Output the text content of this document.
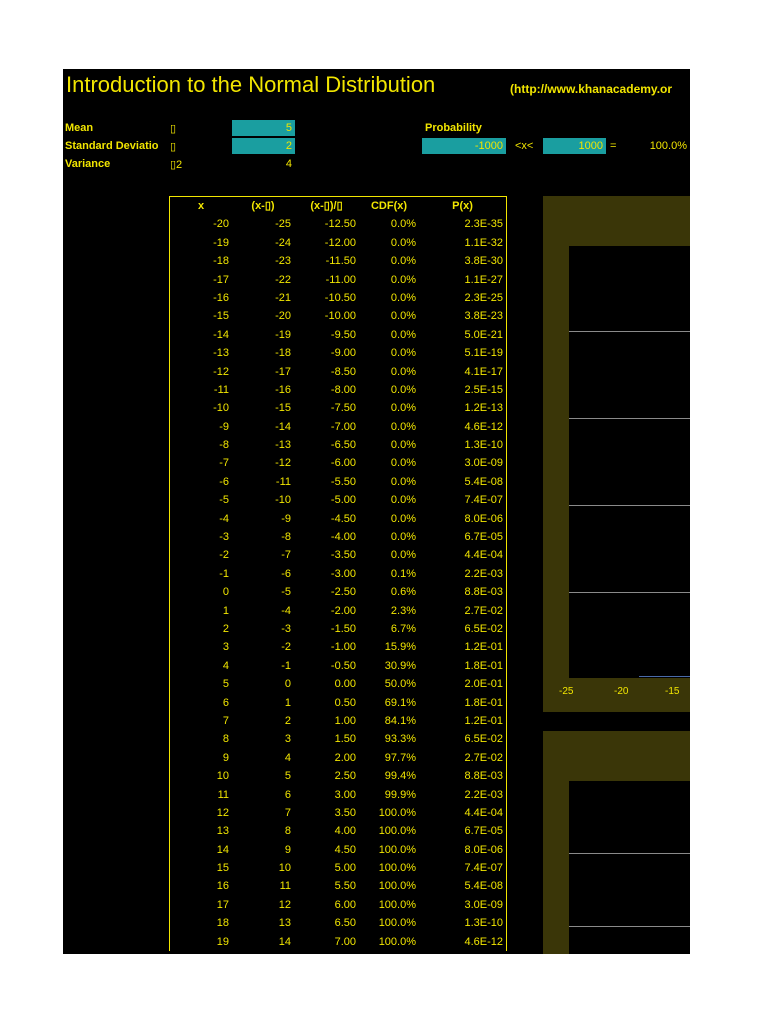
Introduction to the Normal Distribution	(http://www.khanacademy.or
Mean	▯	5
Standard Deviatio ▯	2
Variance	▯2	4
Probability
-1000 <x<	1000 =	100.0%
x	(x-▯)	(x-▯)/▯	CDF(x)	P(x)
-20	-25	-12.50	0.0%	2.3E-35
-19	-24	-12.00	0.0%	1.1E-32
-18	-23	-11.50	0.0%	3.8E-30
-17	-22	-11.00	0.0%	1.1E-27
-16	-21	-10.50	0.0%	2.3E-25
-15	-20	-10.00	0.0%	3.8E-23
-14	-19	-9.50	0.0%	5.0E-21
-13	-18	-9.00	0.0%	5.1E-19
-12	-17	-8.50	0.0%	4.1E-17
-11	-16	-8.00	0.0%	2.5E-15
-10	-15	-7.50	0.0%	1.2E-13
-9	-14	-7.00	0.0%	4.6E-12
-8	-13	-6.50	0.0%	1.3E-10
-7	-12	-6.00	0.0%	3.0E-09
-6	-11	-5.50	0.0%	5.4E-08
-5	-10	-5.00	0.0%	7.4E-07
-4	-9	-4.50	0.0%	8.0E-06
-3	-8	-4.00	0.0%	6.7E-05
-2	-7	-3.50	0.0%	4.4E-04
-1	-6	-3.00	0.1%	2.2E-03
0	-5	-2.50	0.6%	8.8E-03
1	-4	-2.00	2.3%	2.7E-02
2	-3	-1.50	6.7%	6.5E-02
3	-2	-1.00	15.9%	1.2E-01
4	-1	-0.50	30.9%	1.8E-01
5	0	0.00	50.0%	2.0E-01
6	1	0.50	69.1%	1.8E-01
7	2	1.00	84.1%	1.2E-01
8	3	1.50	93.3%	6.5E-02
9	4	2.00	97.7%	2.7E-02
10	5	2.50	99.4%	8.8E-03
11	6	3.00	99.9%	2.2E-03
12	7	3.50	100.0%	4.4E-04
13	8	4.00	100.0%	6.7E-05
14	9	4.50	100.0%	8.0E-06
15	10	5.00	100.0%	7.4E-07
16	11	5.50	100.0%	5.4E-08
17	12	6.00	100.0%	3.0E-09
18	13	6.50	100.0%	1.3E-10
19	14	7.00	100.0%	4.6E-12
-25	-20	-15
